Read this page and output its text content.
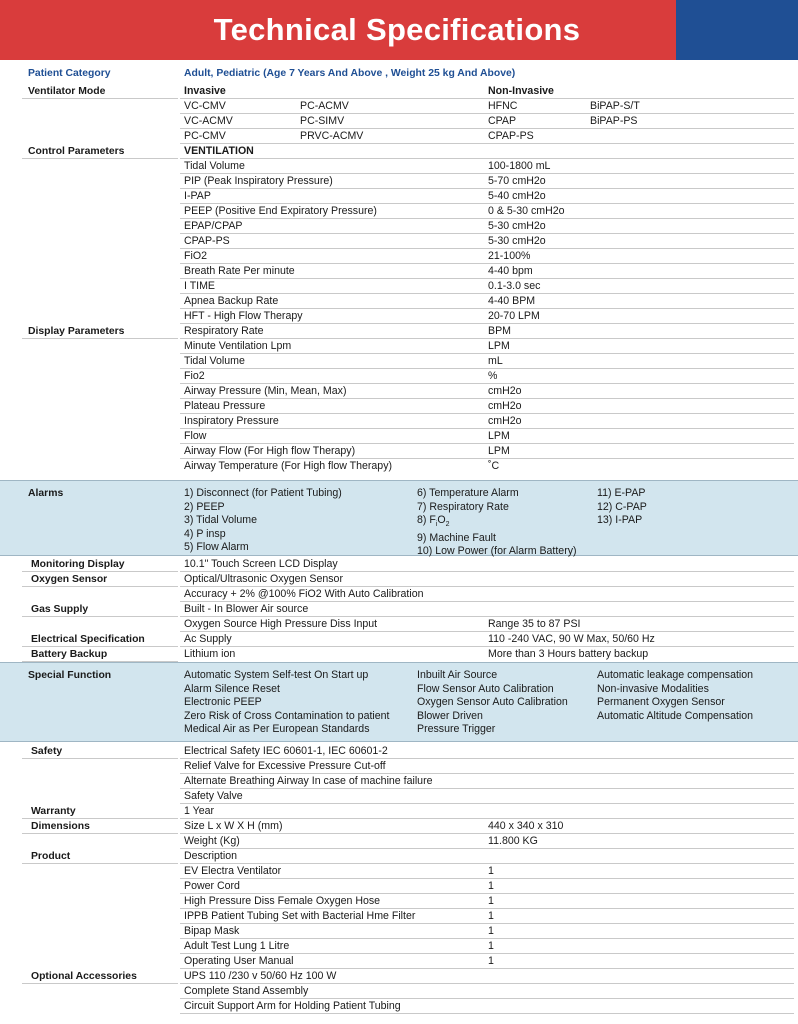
Technical Specifications
Patient Category	Adult, Pediatric (Age 7 Years And Above , Weight 25 kg And Above)
Ventilator Mode	Invasive	Non-Invasive
VC-CMV	PC-ACMV	HFNC	BiPAP-S/T
VC-ACMV	PC-SIMV	CPAP	BiPAP-PS
PC-CMV	PRVC-ACMV	CPAP-PS
Control Parameters	VENTILATION
Tidal Volume	100-1800 mL
PIP (Peak Inspiratory Pressure)	5-70 cmH2o
I-PAP	5-40 cmH2o
PEEP (Positive End Expiratory Pressure)	0 & 5-30 cmH2o
EPAP/CPAP	5-30 cmH2o
CPAP-PS	5-30 cmH2o
FiO2	21-100%
Breath Rate Per minute	4-40 bpm
I TIME	0.1-3.0 sec
Apnea Backup Rate	4-40 BPM
HFT - High Flow Therapy	20-70 LPM
Display Parameters	Respiratory Rate	BPM
Minute Ventilation Lpm	LPM
Tidal Volume	mL
Fio2	%
Airway Pressure (Min, Mean, Max)	cmH2o
Plateau Pressure	cmH2o
Inspiratory Pressure	cmH2o
Flow	LPM
Airway Flow (For High flow Therapy)	LPM
Airway Temperature (For High flow Therapy)	˚C
Alarms	1) Disconnect (for Patient Tubing)
2) PEEP
3) Tidal Volume
4) P insp
5) Flow Alarm
6) Temperature Alarm
7) Respiratory Rate
8) $F_iO_2$
9) Machine Fault
10) Low Power (for Alarm Battery)
11) E-PAP
12) C-PAP
13) I-PAP
Monitoring Display	10.1" Touch Screen LCD Display
Oxygen Sensor	Optical/Ultrasonic Oxygen Sensor
Accuracy + 2% @100% FiO2 With Auto Calibration
Gas Supply	Built - In Blower Air source
Oxygen Source High Pressure Diss Input	Range 35 to 87 PSI
Electrical Specification	Ac Supply	110 -240 VAC, 90 W Max, 50/60 Hz
Battery Backup	Lithium ion	More than 3 Hours battery backup
Special Function	Automatic System Self-test On Start up
Alarm Silence Reset
Electronic PEEP
Zero Risk of Cross Contamination to patient
Medical Air as Per European Standards
Inbuilt Air Source
Flow Sensor Auto Calibration
Oxygen Sensor Auto Calibration
Blower Driven
Pressure Trigger
Automatic leakage compensation
Non-invasive Modalities
Permanent Oxygen Sensor
Automatic Altitude Compensation
Safety	Electrical Safety IEC 60601-1, IEC 60601-2
Relief Valve for Excessive Pressure Cut-off
Alternate Breathing Airway In case of machine failure
Safety Valve
Warranty	1 Year
Dimensions	Size L x W X H (mm)	440 x 340 x 310
Weight (Kg)	11.800 KG
Product	Description
EV Electra Ventilator	1
Power Cord	1
High Pressure Diss Female Oxygen Hose	1
IPPB Patient Tubing Set with Bacterial Hme Filter	1
Bipap Mask	1
Adult Test Lung 1 Litre	1
Operating User Manual	1
Optional Accessories	UPS 110 /230 v 50/60 Hz 100 W
Complete Stand Assembly
Circuit Support Arm for Holding Patient Tubing
